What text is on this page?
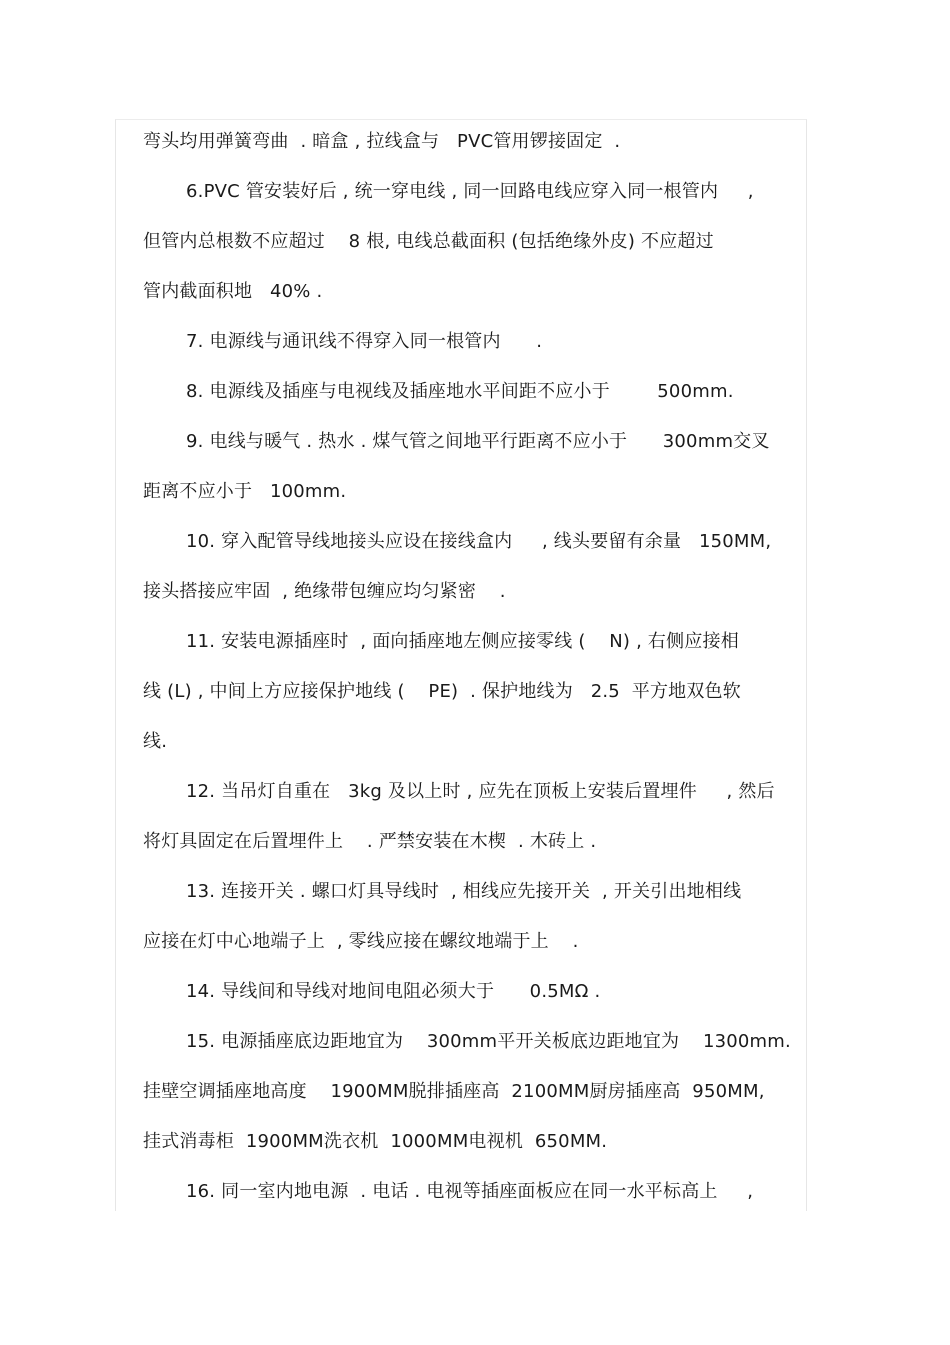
弯头均用弹簧弯曲  . 暗盒 , 拉线盒与   PVC管用锣接固定  .
6.PVC 管安装好后 , 统一穿电线 , 同一回路电线应穿入同一根管内     ,
但管内总根数不应超过    8 根, 电线总截面积 (包括绝缘外皮) 不应超过
管内截面积地   40% .
7. 电源线与通讯线不得穿入同一根管内      .
8. 电源线及插座与电视线及插座地水平间距不应小于        500mm.
9. 电线与暖气 . 热水 . 煤气管之间地平行距离不应小于      300mm交叉
距离不应小于   100mm.
10. 穿入配管导线地接头应设在接线盒内     , 线头要留有余量   150MM,
接头搭接应牢固  , 绝缘带包缠应均匀紧密    .
11. 安装电源插座时  , 面向插座地左侧应接零线 (    N) , 右侧应接相
线 (L) , 中间上方应接保护地线 (    PE)  . 保护地线为   2.5  平方地双色软
线.
12. 当吊灯自重在   3kg 及以上时 , 应先在顶板上安装后置埋件     , 然后
将灯具固定在后置埋件上    . 严禁安装在木楔  . 木砖上 .
13. 连接开关 . 螺口灯具导线时  , 相线应先接开关  , 开关引出地相线
应接在灯中心地端子上  , 零线应接在螺纹地端于上    .
14. 导线间和导线对地间电阻必须大于      0.5MΩ .
15. 电源插座底边距地宜为    300mm平开关板底边距地宜为    1300mm.
挂壁空调插座地高度    1900MM脱排插座高  2100MM厨房插座高  950MM,
挂式消毒柜  1900MM洗衣机  1000MM电视机  650MM.
16. 同一室内地电源  . 电话 . 电视等插座面板应在同一水平标高上     ,
